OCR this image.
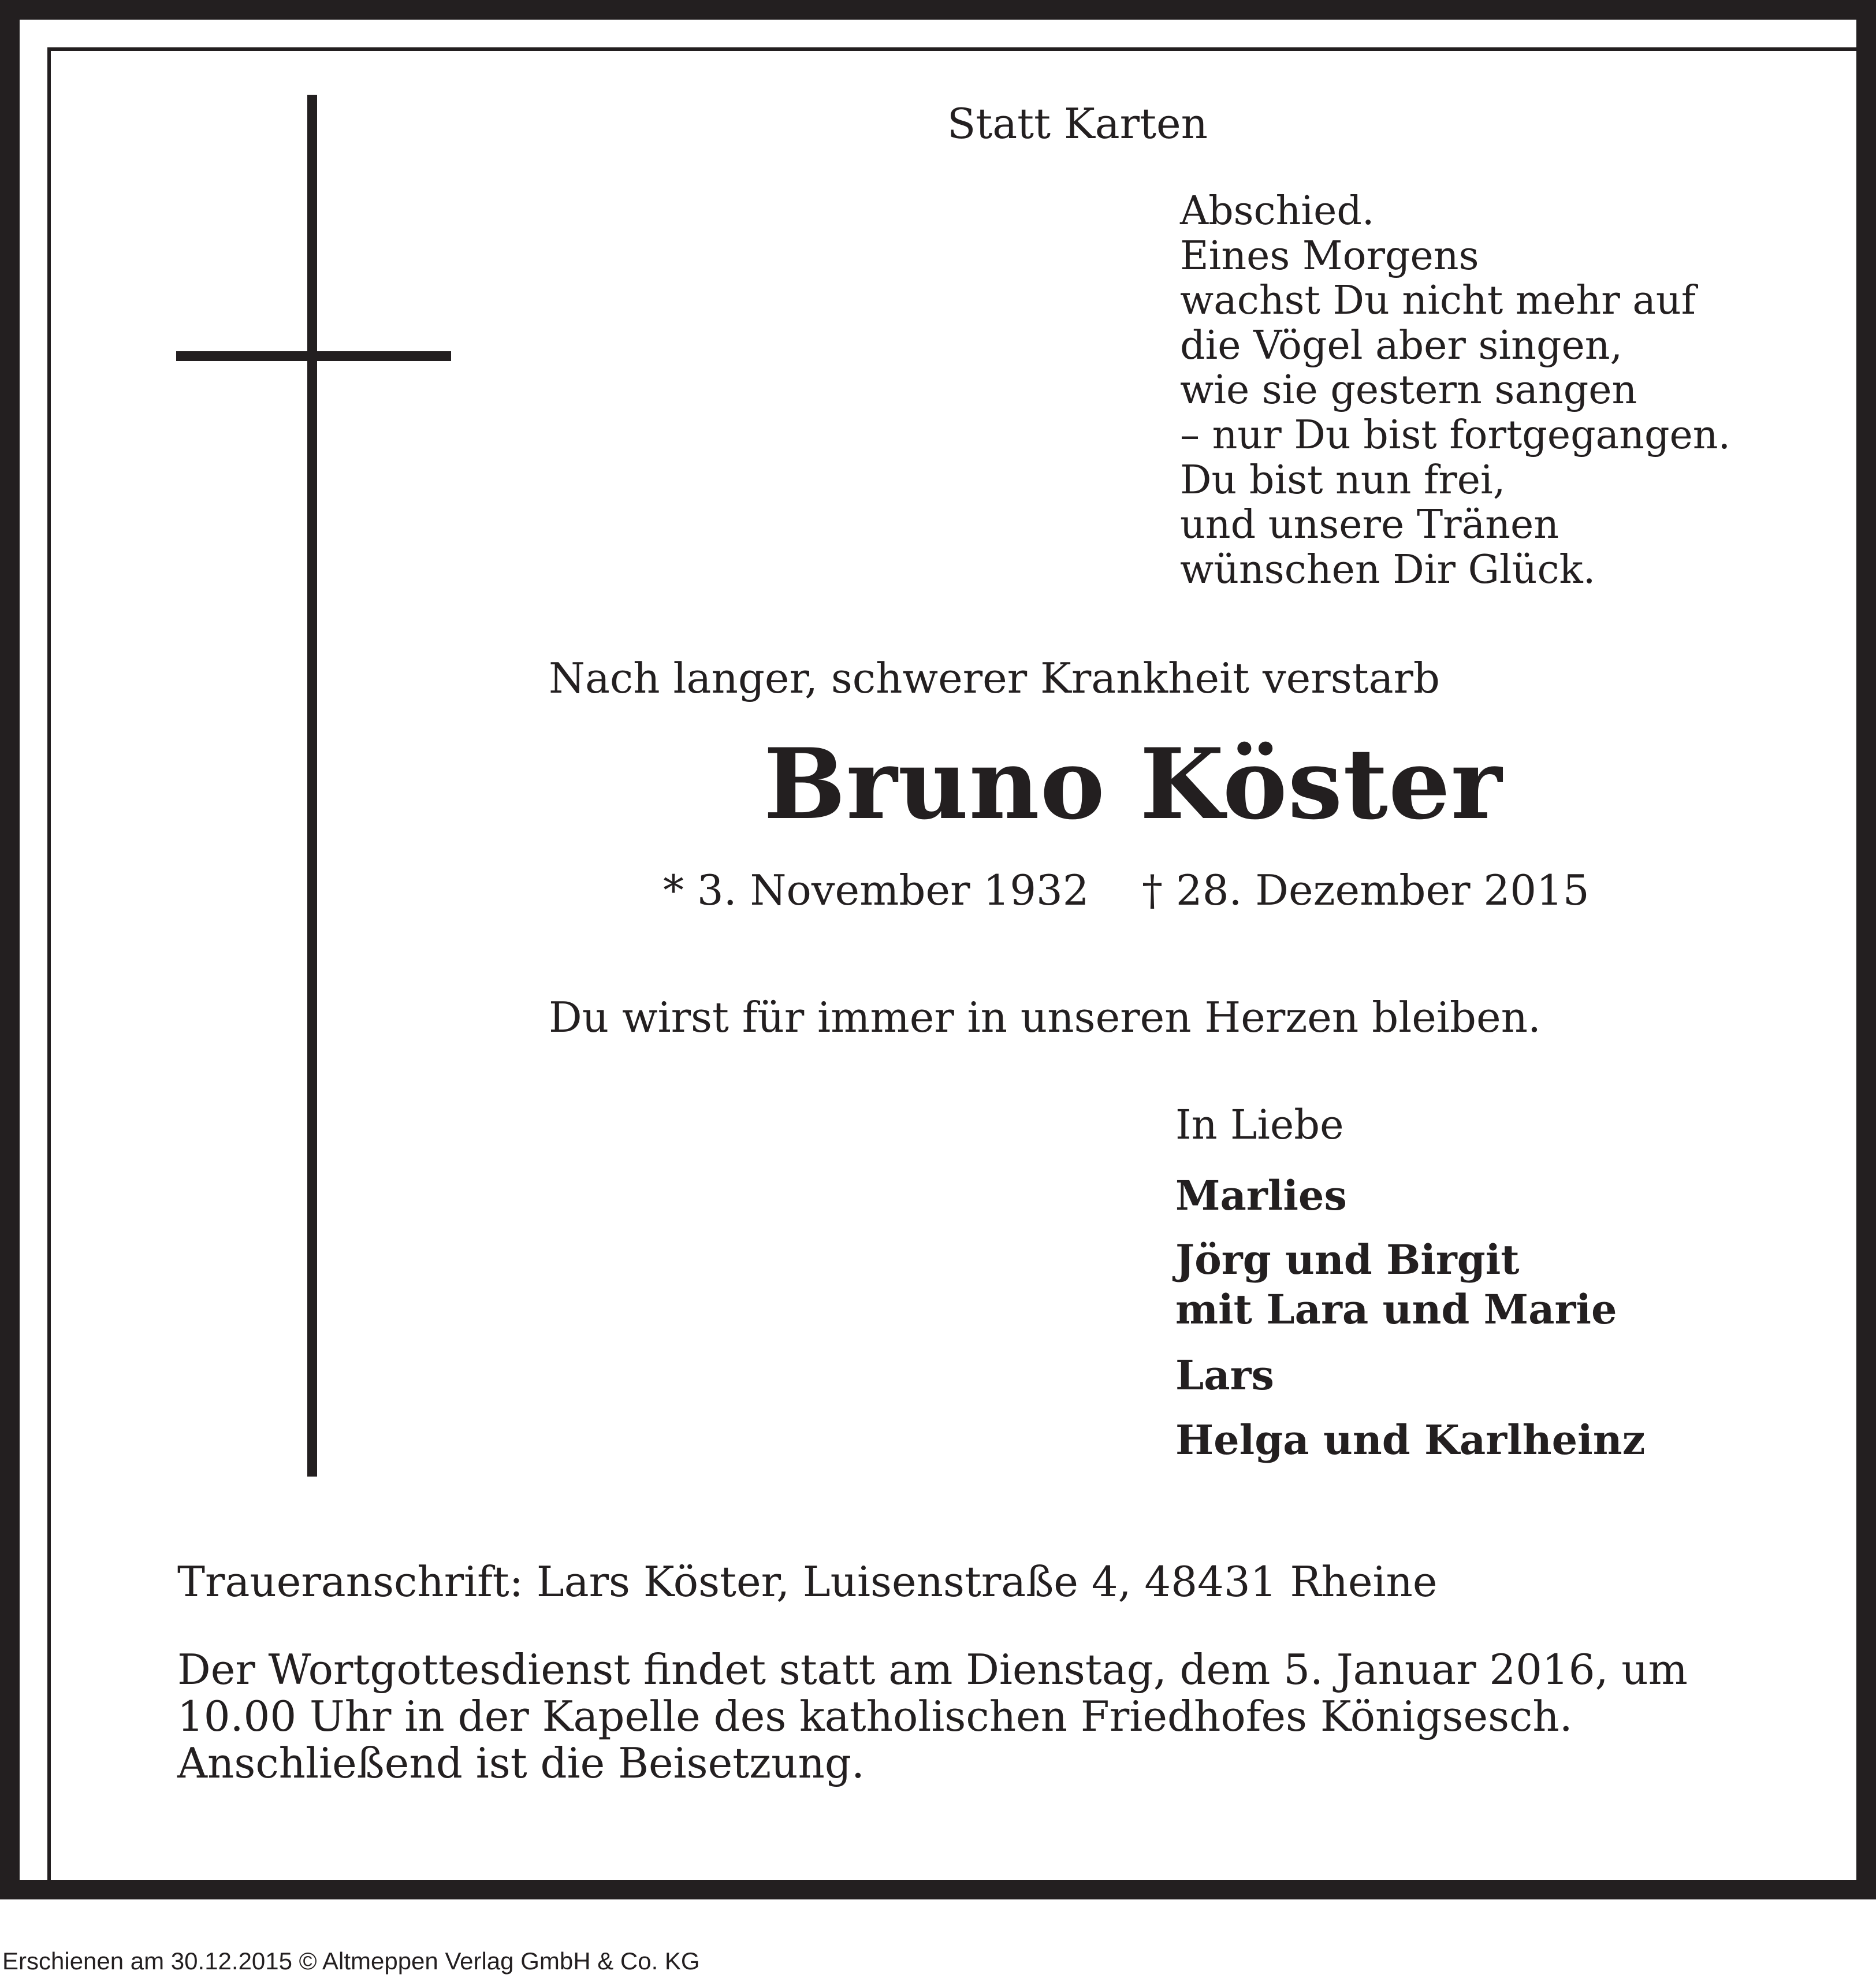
Statt Karten
Abschied.
Eines Morgens
wachst Du nicht mehr auf
die Vögel aber singen,
wie sie gestern sangen
– nur Du bist fortgegangen.
Du bist nun frei,
und unsere Tränen
wünschen Dir Glück.
Nach langer, schwerer Krankheit verstarb
Bruno Köster
* 3. November 1932 † 28. Dezember 2015
Du wirst für immer in unseren Herzen bleiben.
In Liebe
Marlies
Jörg und Birgit
mit Lara und Marie
Lars
Helga und Karlheinz
Traueranschrift: Lars Köster, Luisenstraße 4, 48431 Rheine
Der Wortgottesdienst findet statt am Dienstag, dem 5. Januar 2016, um
10.00 Uhr in der Kapelle des katholischen Friedhofes Königsesch.
Anschließend ist die Beisetzung.
Erschienen am 30.12.2015 © Altmeppen Verlag GmbH & Co. KG
